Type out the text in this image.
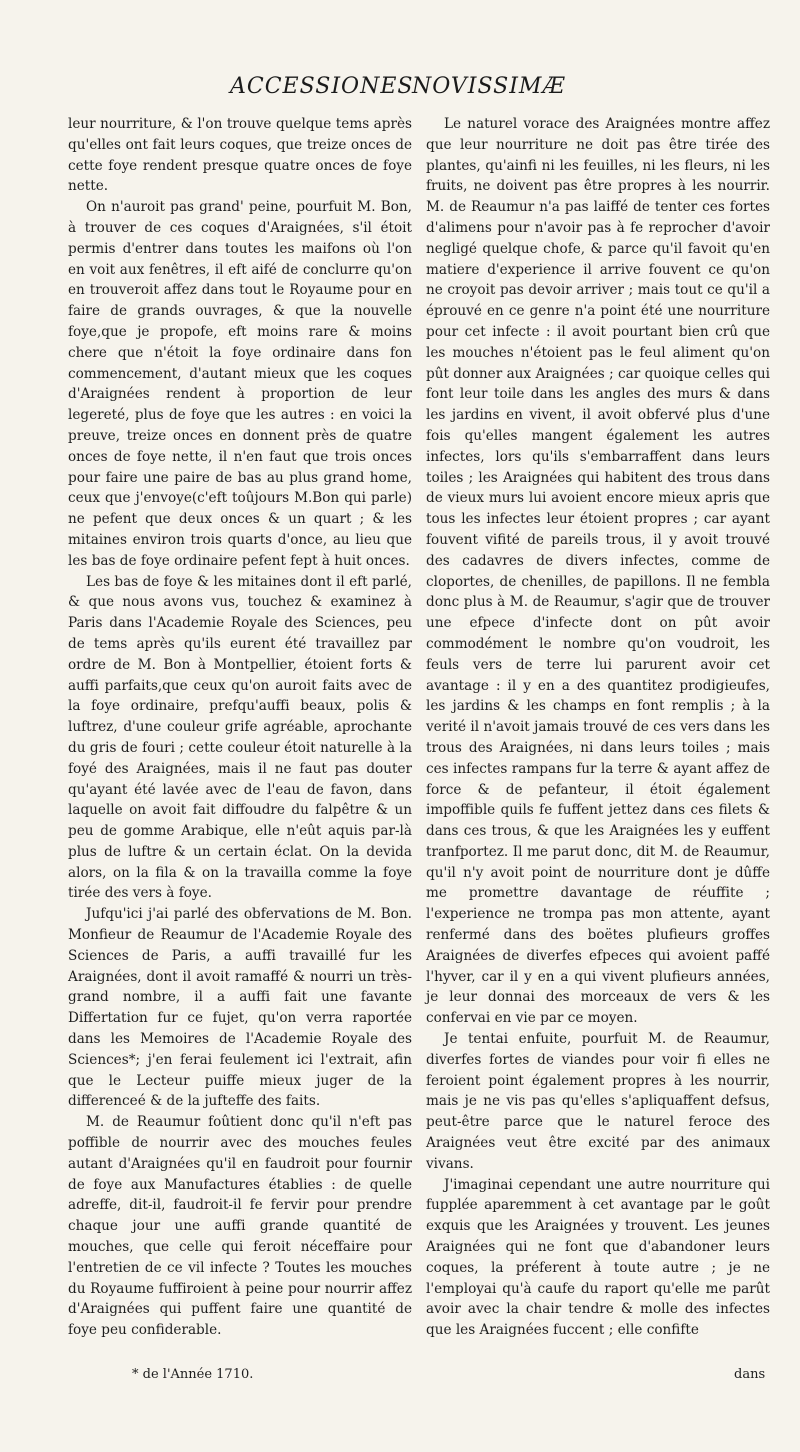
ACCESSIONES
NOVISSIMÆ

leur nourriture, & l'on trouve quelque tems après qu'elles ont fait leurs coques, que treize onces de cette foye rendent presque quatre onces de foye nette.

On n'auroit pas grand' peine, pourfuit M. Bon, à trouver de ces coques d'Araignées, s'il étoit permis d'entrer dans toutes les maifons où l'on en voit aux fenêtres, il eft aifé de conclurre qu'on en trouveroit affez dans tout le Royaume pour en faire de grands ouvrages, & que la nouvelle foye,que je propofe, eft moins rare & moins chere que n'étoit la foye ordinaire dans fon commencement, d'autant mieux que les coques d'Araignées rendent à proportion de leur legereté, plus de foye que les autres : en voici la preuve, treize onces en donnent près de quatre onces de foye nette, il n'en faut que trois onces pour faire une paire de bas au plus grand home, ceux que j'envoye(c'eft toûjours M.Bon qui parle) ne pefent que deux onces & un quart ; & les mitaines environ trois quarts d'once, au lieu que les bas de foye ordinaire pefent fept à huit onces.

Les bas de foye & les mitaines dont il eft parlé, & que nous avons vus, touchez & examinez à Paris dans l'Academie Royale des Sciences, peu de tems après qu'ils eurent été travaillez par ordre de M. Bon à Montpellier, étoient forts & auffi parfaits,que ceux qu'on auroit faits avec de la foye ordinaire, prefqu'auffi beaux, polis & luftrez, d'une couleur grife agréable, aprochante du gris de fouri ; cette couleur étoit naturelle à la foyé des Araignées, mais il ne faut pas douter qu'ayant été lavée avec de l'eau de favon, dans laquelle on avoit fait diffoudre du falpêtre & un peu de gomme Arabique, elle n'eût aquis par-là plus de luftre & un certain éclat. On la devida alors, on la fila & on la travailla comme la foye tirée des vers à foye.

Jufqu'ici j'ai parlé des obfervations de M. Bon. Monfieur de Reaumur de l'Academie Royale des Sciences de Paris, a auffi travaillé fur les Araignées, dont il avoit ramaffé & nourri un très-grand nombre, il a auffi fait une favante Differtation fur ce fujet, qu'on verra raportée dans les Memoires de l'Academie Royale des Sciences*; j'en ferai feulement ici l'extrait, afin que le Lecteur puiffe mieux juger de la differenceé & de la jufteffe des faits.

M. de Reaumur foûtient donc qu'il n'eft pas poffible de nourrir avec des mouches feules autant d'Araignées qu'il en faudroit pour fournir de foye aux Manufactures établies : de quelle adreffe, dit-il, faudroit-il fe fervir pour prendre chaque jour une auffi grande quantité de mouches, que celle qui feroit néceffaire pour l'entretien de ce vil infecte ? Toutes les mouches du Royaume fuffiroient à peine pour nourrir affez d'Araignées qui puffent faire une quantité de foye peu confiderable.

Le naturel vorace des Araignées montre affez que leur nourriture ne doit pas être tirée des plantes, qu'ainfi ni les feuilles, ni les fleurs, ni les fruits, ne doivent pas être propres à les nourrir. M. de Reaumur n'a pas laiffé de tenter ces fortes d'alimens pour n'avoir pas à fe reprocher d'avoir negligé quelque chofe, & parce qu'il favoit qu'en matiere d'experience il arrive fouvent ce qu'on ne croyoit pas devoir arriver ; mais tout ce qu'il a éprouvé en ce genre n'a point été une nourriture pour cet infecte : il avoit pourtant bien crû que les mouches n'étoient pas le feul aliment qu'on pût donner aux Araignées ; car quoique celles qui font leur toile dans les angles des murs & dans les jardins en vivent, il avoit obfervé plus d'une fois qu'elles mangent également les autres infectes, lors qu'ils s'embarraffent dans leurs toiles ; les Araignées qui habitent des trous dans de vieux murs lui avoient encore mieux apris que tous les infectes leur étoient propres ; car ayant fouvent vifité de pareils trous, il y avoit trouvé des cadavres de divers infectes, comme de cloportes, de chenilles, de papillons. Il ne fembla donc plus à M. de Reaumur, s'agir que de trouver une efpece d'infecte dont on pût avoir commodément le nombre qu'on voudroit, les feuls vers de terre lui parurent avoir cet avantage : il y en a des quantitez prodigieufes, les jardins & les champs en font remplis ; à la verité il n'avoit jamais trouvé de ces vers dans les trous des Araignées, ni dans leurs toiles ; mais ces infectes rampans fur la terre & ayant affez de force & de pefanteur, il étoit également impoffible quils fe fuffent jettez dans ces filets & dans ces trous, & que les Araignées les y euffent tranfportez. Il me parut donc, dit M. de Reaumur, qu'il n'y avoit point de nourriture dont je dûffe me promettre davantage de réuffite ; l'experience ne trompa pas mon attente, ayant renfermé dans des boëtes plufieurs groffes Araignées de diverfes efpeces qui avoient paffé l'hyver, car il y en a qui vivent plufieurs années, je leur donnai des morceaux de vers & les confervai en vie par ce moyen.

Je tentai enfuite, pourfuit M. de Reaumur, diverfes fortes de viandes pour voir fi elles ne feroient point également propres à les nourrir, mais je ne vis pas qu'elles s'apliquaffent defsus, peut-être parce que le naturel feroce des Araignées veut être excité par des animaux vivans.

J'imaginai cependant une autre nourriture qui fupplée aparemment à cet avantage par le goût exquis que les Araignées y trouvent. Les jeunes Araignées qui ne font que d'abandoner leurs coques, la préferent à toute autre ; je ne l'employai qu'à caufe du raport qu'elle me parût avoir avec la chair tendre & molle des infectes que les Araignées fuccent ; elle confifte

* de l'Année 1710.	dans
